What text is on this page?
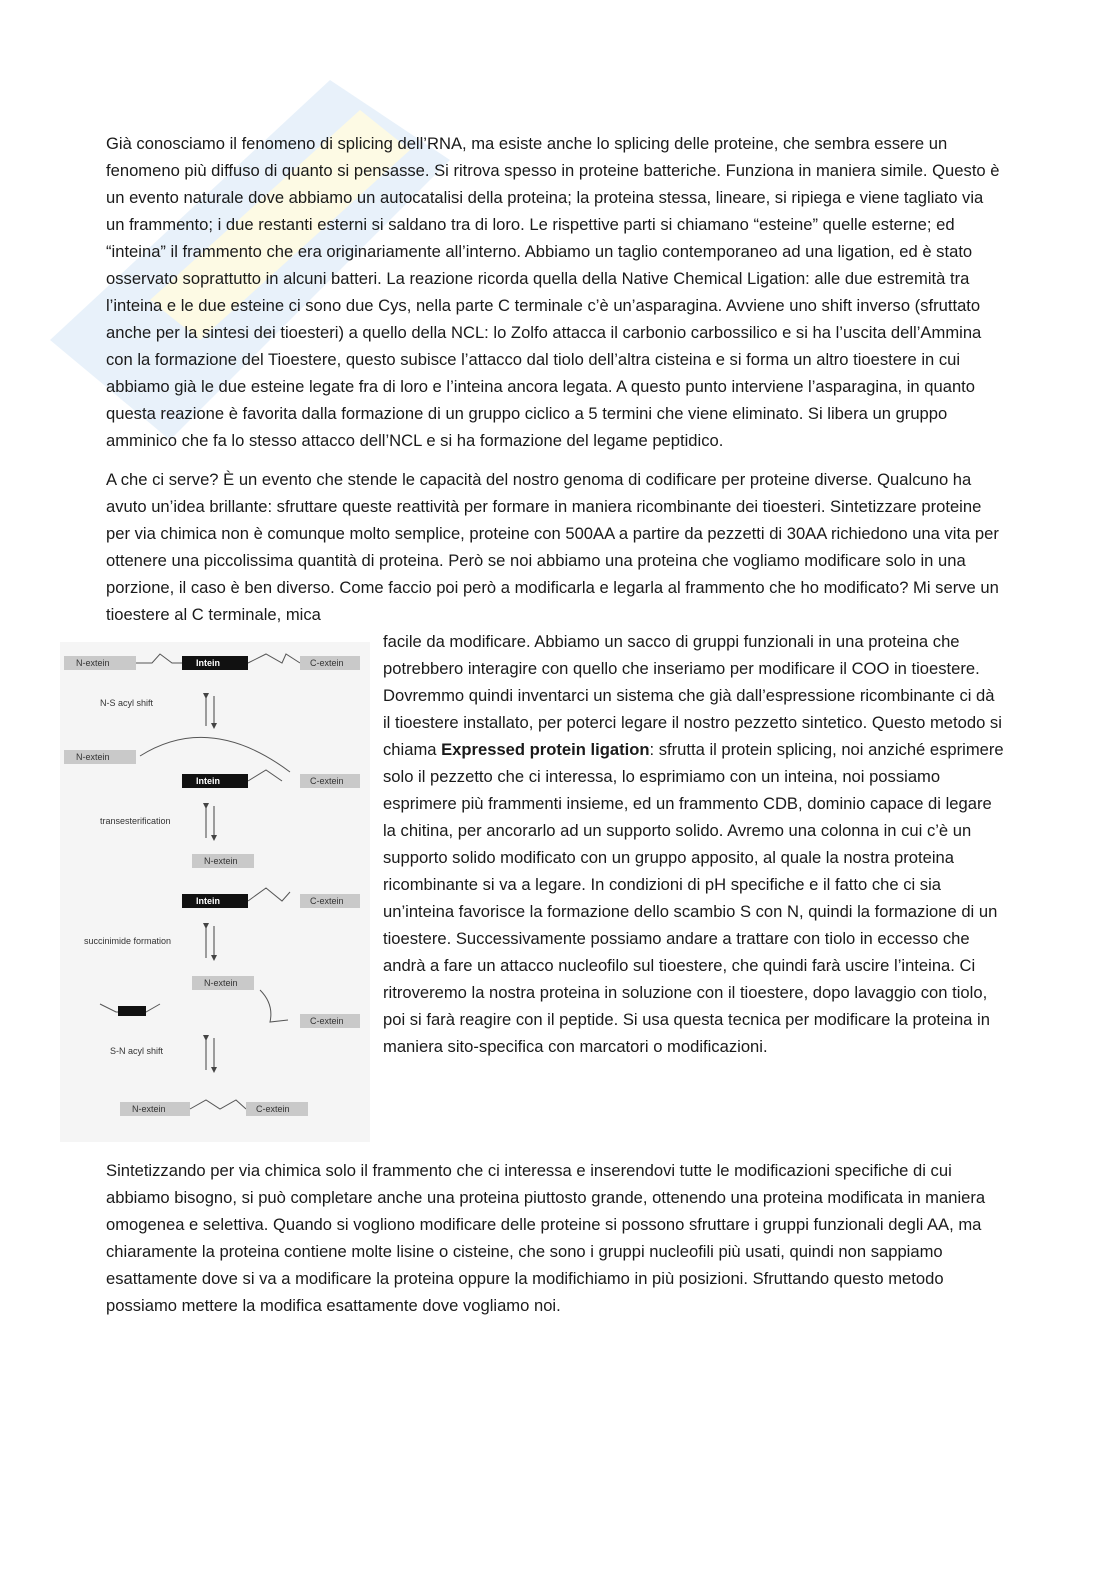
Già conosciamo il fenomeno di splicing dell’RNA, ma esiste anche lo splicing delle proteine, che sembra essere un fenomeno più diffuso di quanto si pensasse. Si ritrova spesso in proteine batteriche. Funziona in maniera simile. Questo è un evento naturale dove abbiamo un autocatalisi della proteina; la proteina stessa, lineare, si ripiega e viene tagliato via un frammento; i due restanti esterni si saldano tra di loro. Le rispettive parti si chiamano “esteine” quelle esterne; ed “inteina” il frammento che era originariamente all’interno. Abbiamo un taglio contemporaneo ad una ligation, ed è stato osservato soprattutto in alcuni batteri. La reazione ricorda quella della Native Chemical Ligation: alle due estremità tra l’inteina e le due esteine ci sono due Cys, nella parte C terminale c’è un’asparagina. Avviene uno shift inverso (sfruttato anche per la sintesi dei tioesteri) a quello della NCL: lo Zolfo attacca il carbonio carbossilico e si ha l’uscita dell’Ammina con la formazione del Tioestere, questo subisce l’attacco dal tiolo dell’altra cisteina e si forma un altro tioestere in cui abbiamo già le due esteine legate fra di loro e l’inteina ancora legata. A questo punto interviene l’asparagina, in quanto questa reazione è favorita dalla formazione di un gruppo ciclico a 5 termini che viene eliminato. Si libera un gruppo amminico che fa lo stesso attacco dell’NCL e si ha formazione del legame peptidico.

A che ci serve? È un evento che stende le capacità del nostro genoma di codificare per proteine diverse. Qualcuno ha avuto un’idea brillante: sfruttare queste reattività per formare in maniera ricombinante dei tioesteri. Sintetizzare proteine per via chimica non è comunque molto semplice, proteine con 500AA a partire da pezzetti di 30AA richiedono una vita per ottenere una piccolissima quantità di proteina. Però se noi abbiamo una proteina che vogliamo modificare solo in una porzione, il caso è ben diverso. Come faccio poi però a modificarla e legarla al frammento che ho modificato? Mi serve un tioestere al C terminale, mica

N-extein	Intein	C-extein
N-S acyl shift
N-extein
Intein	C-extein
transesterification
N-extein
Intein	C-extein
succinimide formation
N-extein
C-extein
S-N acyl shift
N-extein	C-extein

facile da modificare. Abbiamo un sacco di gruppi funzionali in una proteina che potrebbero interagire con quello che inseriamo per modificare il COO in tioestere. Dovremmo quindi inventarci un sistema che già dall’espressione ricombinante ci dà il tioestere installato, per poterci legare il nostro pezzetto sintetico. Questo metodo si chiama Expressed protein ligation: sfrutta il protein splicing, noi anziché esprimere solo il pezzetto che ci interessa, lo esprimiamo con un inteina, noi possiamo esprimere più frammenti insieme, ed un frammento CDB, dominio capace di legare la chitina, per ancorarlo ad un supporto solido. Avremo una colonna in cui c’è un supporto solido modificato con un gruppo apposito, al quale la nostra proteina ricombinante si va a legare. In condizioni di pH specifiche e il fatto che ci sia un’inteina favorisce la formazione dello scambio S con N, quindi la formazione di un tioestere. Successivamente possiamo andare a trattare con tiolo in eccesso che andrà a fare un attacco nucleofilo sul tioestere, che quindi farà uscire l’inteina. Ci ritroveremo la nostra proteina in soluzione con il tioestere, dopo lavaggio con tiolo, poi si farà reagire con il peptide. Si usa questa tecnica per modificare la proteina in maniera sito-specifica con marcatori o modificazioni.

Sintetizzando per via chimica solo il frammento che ci interessa e inserendovi tutte le modificazioni specifiche di cui abbiamo bisogno, si può completare anche una proteina piuttosto grande, ottenendo una proteina modificata in maniera omogenea e selettiva. Quando si vogliono modificare delle proteine si possono sfruttare i gruppi funzionali degli AA, ma chiaramente la proteina contiene molte lisine o cisteine, che sono i gruppi nucleofili più usati, quindi non sappiamo esattamente dove si va a modificare la proteina oppure la modifichiamo in più posizioni. Sfruttando questo metodo possiamo mettere la modifica esattamente dove vogliamo noi.
